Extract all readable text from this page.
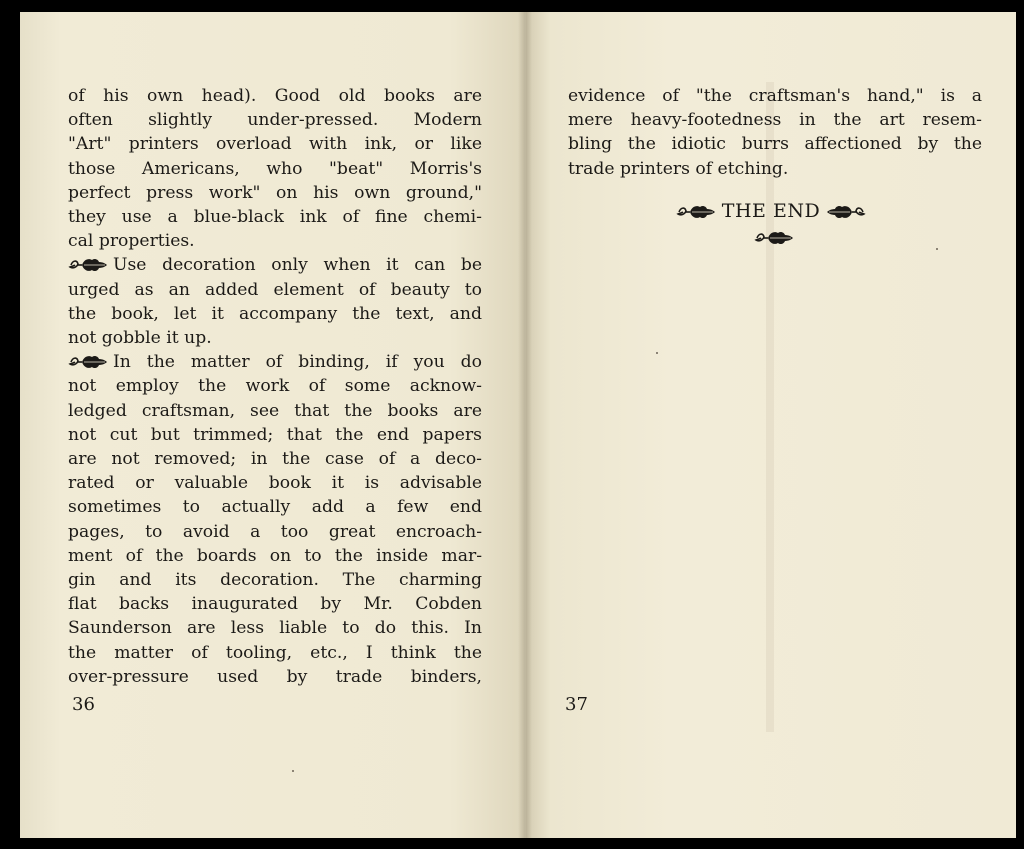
of his own head). Good old books are
often slightly under-pressed. Modern
"Art" printers overload with ink, or like
those Americans, who "beat" Morris's
perfect press work" on his own ground,"
they use a blue-black ink of fine chemi-
cal properties.
Use decoration only when it can be
urged as an added element of beauty to
the book, let it accompany the text, and
not gobble it up.
In the matter of binding, if you do
not employ the work of some acknow-
ledged craftsman, see that the books are
not cut but trimmed; that the end papers
are not removed; in the case of a deco-
rated or valuable book it is advisable
sometimes to actually add a few end
pages, to avoid a too great encroach-
ment of the boards on to the inside mar-
gin and its decoration. The charming
flat backs inaugurated by Mr. Cobden
Saunderson are less liable to do this. In
the matter of tooling, etc., I think the
over-pressure used by trade binders,
36
evidence of "the craftsman's hand," is a
mere heavy-footedness in the art resem-
bling the idiotic burrs affectioned by the
trade printers of etching.
THE END
37
